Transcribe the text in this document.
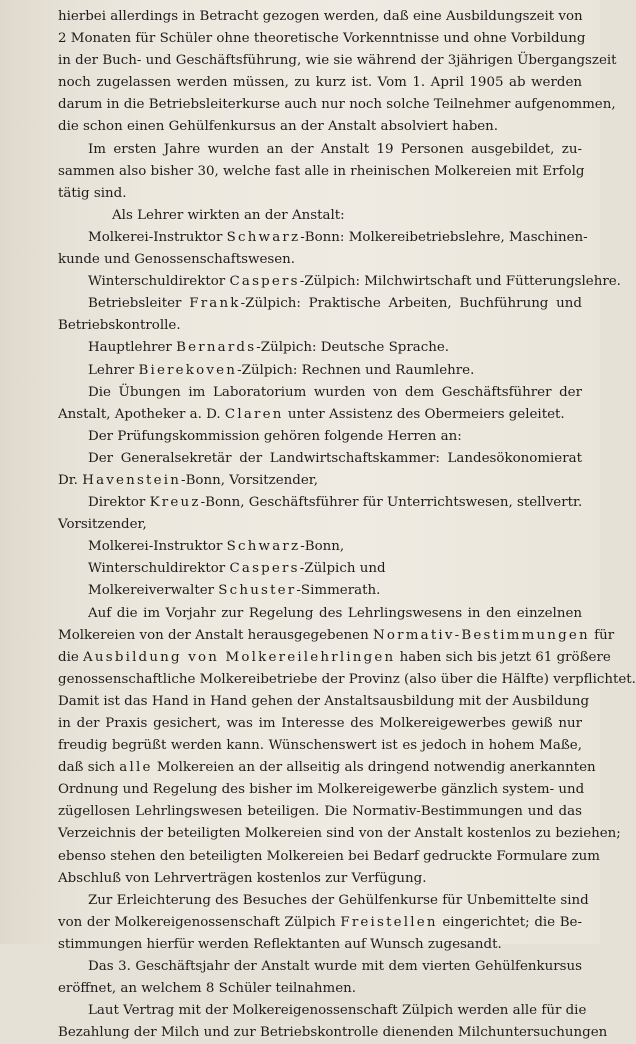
hierbei allerdings in Betracht gezogen werden, daß eine Ausbildungszeit von
2 Monaten für Schüler ohne theoretische Vorkenntnisse und ohne Vorbildung
in der Buch- und Geschäftsführung, wie sie während der 3jährigen Übergangszeit
noch zugelassen werden müssen, zu kurz ist. Vom 1. April 1905 ab werden
darum in die Betriebsleiterkurse auch nur noch solche Teilnehmer aufgenommen,
die schon einen Gehülfenkursus an der Anstalt absolviert haben.
Im ersten Jahre wurden an der Anstalt 19 Personen ausgebildet, zu-
sammen also bisher 30, welche fast alle in rheinischen Molkereien mit Erfolg
tätig sind.
Als Lehrer wirkten an der Anstalt:
Molkerei-Instruktor Schwarz-Bonn: Molkereibetriebslehre, Maschinen-
kunde und Genossenschaftswesen.
Winterschuldirektor Caspers-Zülpich: Milchwirtschaft und Fütterungslehre.
Betriebsleiter Frank-Zülpich: Praktische Arbeiten, Buchführung und
Betriebskontrolle.
Hauptlehrer Bernards-Zülpich: Deutsche Sprache.
Lehrer Bierekoven-Zülpich: Rechnen und Raumlehre.
Die Übungen im Laboratorium wurden von dem Geschäftsführer der
Anstalt, Apotheker a. D. Claren unter Assistenz des Obermeiers geleitet.
Der Prüfungskommission gehören folgende Herren an:
Der Generalsekretär der Landwirtschaftskammer: Landesökonomierat
Dr. Havenstein-Bonn, Vorsitzender,
Direktor Kreuz-Bonn, Geschäftsführer für Unterrichtswesen, stellvertr.
Vorsitzender,
Molkerei-Instruktor Schwarz-Bonn,
Winterschuldirektor Caspers-Zülpich und
Molkereiverwalter Schuster-Simmerath.
Auf die im Vorjahr zur Regelung des Lehrlingswesens in den einzelnen
Molkereien von der Anstalt herausgegebenen Normativ-Bestimmungen für
die Ausbildung von Molkereilehrlingen haben sich bis jetzt 61 größere
genossenschaftliche Molkereibetriebe der Provinz (also über die Hälfte) verpflichtet.
Damit ist das Hand in Hand gehen der Anstaltsausbildung mit der Ausbildung
in der Praxis gesichert, was im Interesse des Molkereigewerbes gewiß nur
freudig begrüßt werden kann. Wünschenswert ist es jedoch in hohem Maße,
daß sich alle Molkereien an der allseitig als dringend notwendig anerkannten
Ordnung und Regelung des bisher im Molkereigewerbe gänzlich system- und
zügellosen Lehrlingswesen beteiligen. Die Normativ-Bestimmungen und das
Verzeichnis der beteiligten Molkereien sind von der Anstalt kostenlos zu beziehen;
ebenso stehen den beteiligten Molkereien bei Bedarf gedruckte Formulare zum
Abschluß von Lehrverträgen kostenlos zur Verfügung.
Zur Erleichterung des Besuches der Gehülfenkurse für Unbemittelte sind
von der Molkereigenossenschaft Zülpich Freistellen eingerichtet; die Be-
stimmungen hierfür werden Reflektanten auf Wunsch zugesandt.
Das 3. Geschäftsjahr der Anstalt wurde mit dem vierten Gehülfenkursus
eröffnet, an welchem 8 Schüler teilnahmen.
Laut Vertrag mit der Molkereigenossenschaft Zülpich werden alle für die
Bezahlung der Milch und zur Betriebskontrolle dienenden Milchuntersuchungen
